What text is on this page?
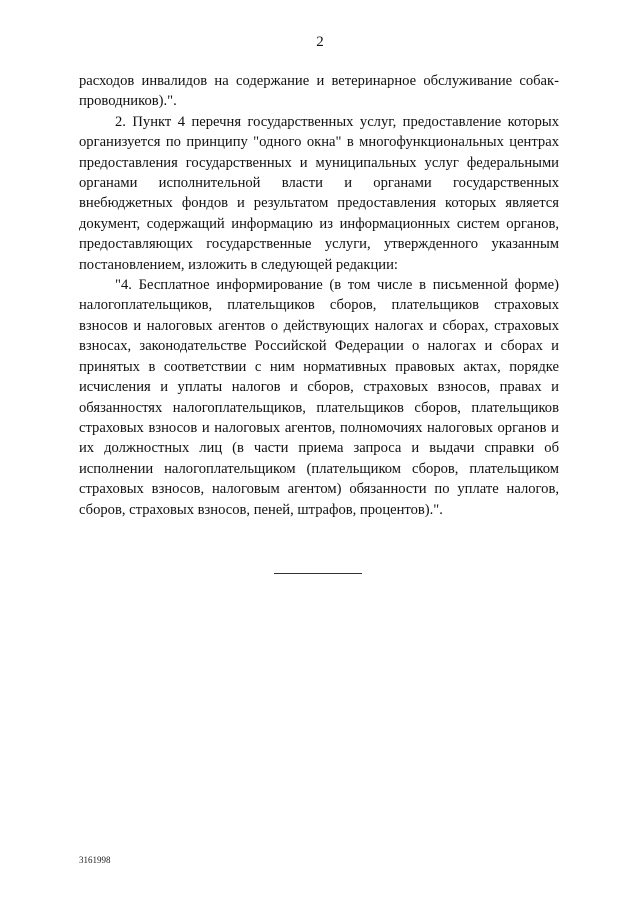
2

расходов инвалидов на содержание и ветеринарное обслуживание собак-проводников).".

2. Пункт 4 перечня государственных услуг, предоставление которых организуется по принципу "одного окна" в многофункциональных центрах предоставления государственных и муниципальных услуг федеральными органами исполнительной власти и органами государственных внебюджетных фондов и результатом предоставления которых является документ, содержащий информацию из информационных систем органов, предоставляющих государственные услуги, утвержденного указанным постановлением, изложить в следующей редакции:

"4. Бесплатное информирование (в том числе в письменной форме) налогоплательщиков, плательщиков сборов, плательщиков страховых взносов и налоговых агентов о действующих налогах и сборах, страховых взносах, законодательстве Российской Федерации о налогах и сборах и принятых в соответствии с ним нормативных правовых актах, порядке исчисления и уплаты налогов и сборов, страховых взносов, правах и обязанностях налогоплательщиков, плательщиков сборов, плательщиков страховых взносов и налоговых агентов, полномочиях налоговых органов и их должностных лиц (в части приема запроса и выдачи справки об исполнении налогоплательщиком (плательщиком сборов, плательщиком страховых взносов, налоговым агентом) обязанности по уплате налогов, сборов, страховых взносов, пеней, штрафов, процентов).".

3161998
